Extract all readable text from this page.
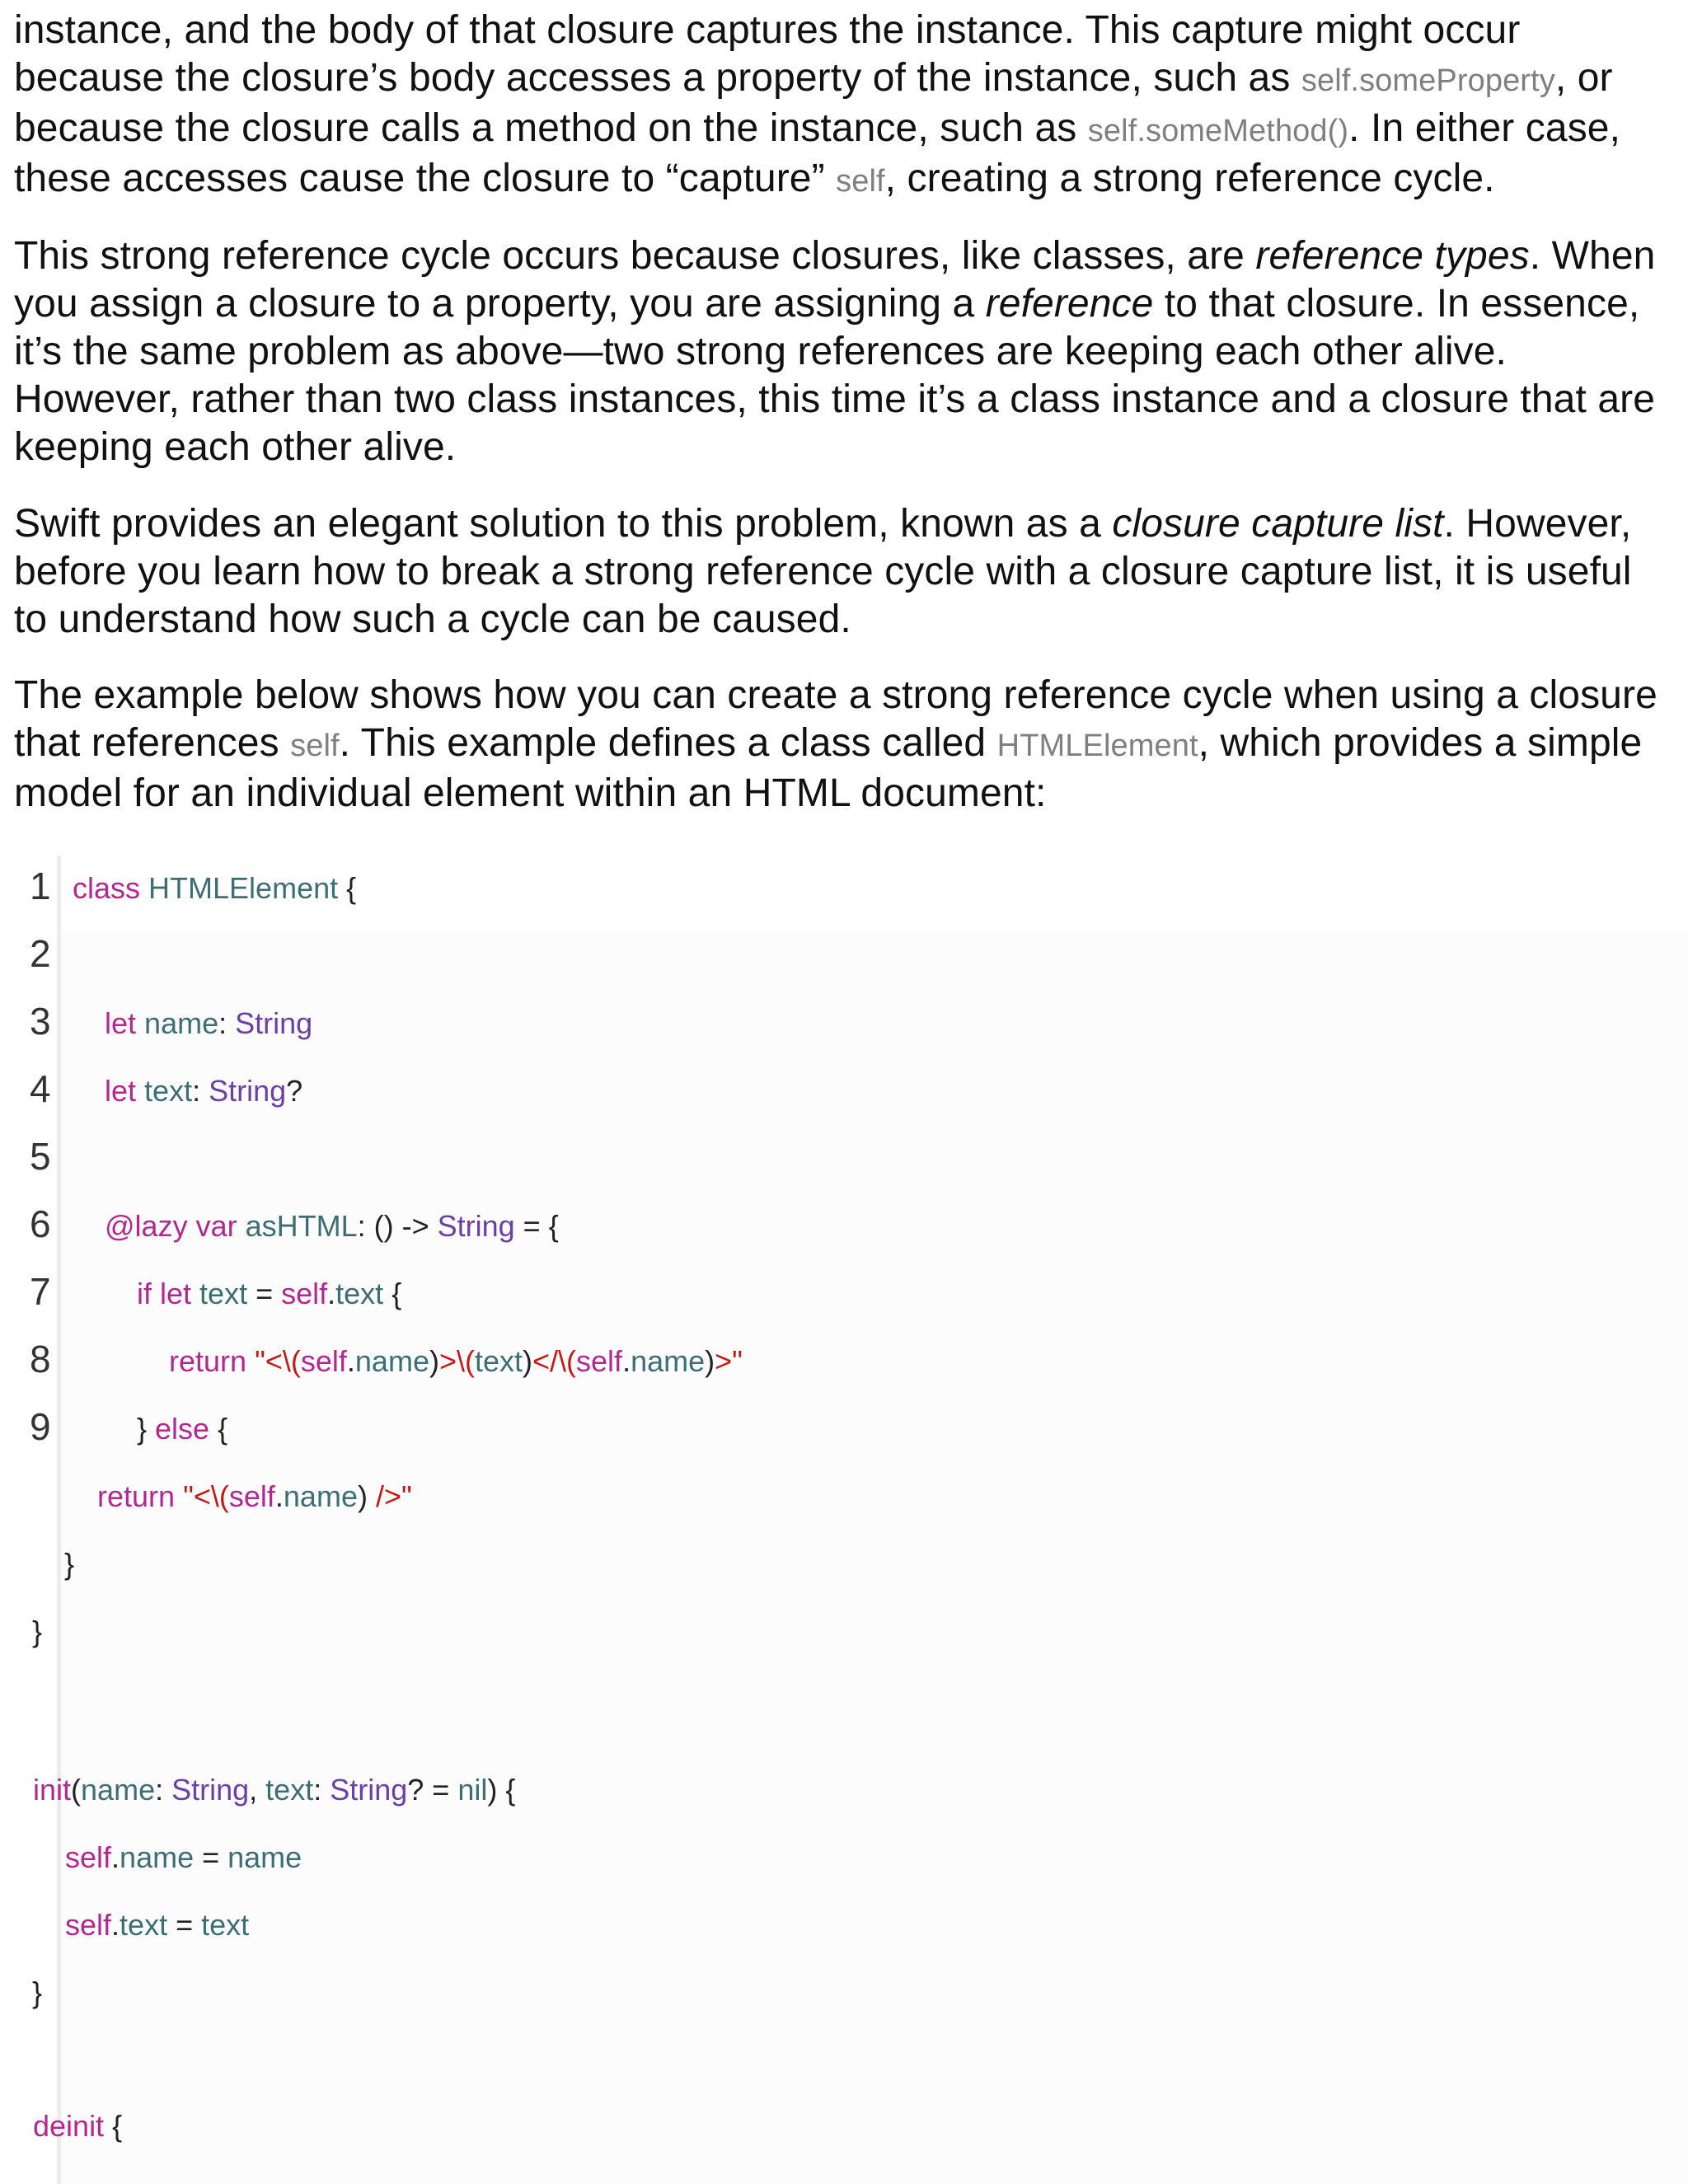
instance, and the body of that closure captures the instance. This capture might occur because the closure’s body accesses a property of the instance, such as self.someProperty, or because the closure calls a method on the instance, such as self.someMethod(). In either case, these accesses cause the closure to “capture” self, creating a strong reference cycle.

This strong reference cycle occurs because closures, like classes, are reference types. When you assign a closure to a property, you are assigning a reference to that closure. In essence, it’s the same problem as above—two strong references are keeping each other alive. However, rather than two class instances, this time it’s a class instance and a closure that are keeping each other alive.

Swift provides an elegant solution to this problem, known as a closure capture list. However, before you learn how to break a strong reference cycle with a closure capture list, it is useful to understand how such a cycle can be caused.

The example below shows how you can create a strong reference cycle when using a closure that references self. This example defines a class called HTMLElement, which provides a simple model for an individual element within an HTML document:

1
2
3
4
5
6
7
8
9
class HTMLElement {
let name: String
let text: String?
@lazy var asHTML: () -> String = {
if let text = self.text {
return "<\(self.name)>\(text)</\(self.name)>"
} else {
return "<\(self.name) />"
}
}
init(name: String, text: String? = nil) {
self.name = name
self.text = text
}
deinit {
